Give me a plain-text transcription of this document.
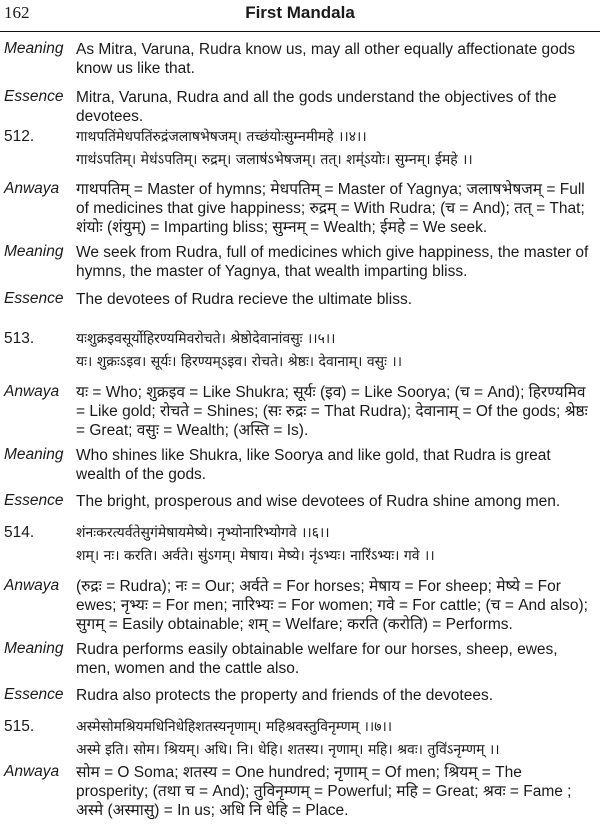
162	First Mandala
Meaning As Mitra, Varuna, Rudra know us, may all other equally affectionate gods know us like that.
Essence Mitra, Varuna, Rudra and all the gods understand the objectives of the devotees.
512.	गाथपतिंमेधपतिंरुद्रंजलाषभेषजम्। तच्छंयोःसुम्नमीमहे ।।४।।
गाथ॑ऽपतिम्। मेध॑ऽपतिम्। रुद्रम्। जलाष॑ऽभेषजम्। तत्। शम्॑ऽयोः। सुम्नम्। ईमहे ।।
Anwaya गाथपतिम् = Master of hymns; मेधपतिम् = Master of Yagnya; जलाषभेषजम् = Full of medicines that give happiness; रुद्रम् = With Rudra; (च = And); तत् = That; शंयोः (शंयुम्) = Imparting bliss; सुम्नम् = Wealth; ईमहे = We seek.
Meaning We seek from Rudra, full of medicines which give happiness, the master of hymns, the master of Yagnya, that wealth imparting bliss.
Essence The devotees of Rudra recieve the ultimate bliss.
513.	यःशुक्रइवसूर्योहिरण्यमिवरोचते। श्रेष्ठोदेवानांवसुः ।।५।।
यः। शुक्रःऽइव। सूर्यः। हिरण्यम्ऽइव। रोचते। श्रेष्ठः। देवानाम्। वसुः ।।
Anwaya यः = Who; शुक्रइव = Like Shukra; सूर्यः (इव) = Like Soorya; (च = And); हिरण्यमिव = Like gold; रोचते = Shines; (सः रुद्रः = That Rudra); देवानाम् = Of the gods; श्रेष्ठः = Great; वसुः = Wealth; (अस्ति = Is).
Meaning Who shines like Shukra, like Soorya and like gold, that Rudra is great wealth of the gods.
Essence The bright, prosperous and wise devotees of Rudra shine among men.
514.	शंनःकरत्यर्वतेसुगंमेषायमेष्ये। नृभ्योनारिभ्योगवे ।।६।।
शम्। नः। करति। अर्वते। सु॑ऽगम्। मेषाय। मेष्ये। नृ॑ऽभ्यः। नारि॑ऽभ्यः। गवे ।।
Anwaya (रुद्रः = Rudra); नः = Our; अर्वते = For horses; मेषाय = For sheep; मेष्ये = For ewes; नृभ्यः = For men; नारिभ्यः = For women; गवे = For cattle; (च = And also); सुगम् = Easily obtainable; शम् = Welfare; करति (करोति) = Performs.
Meaning Rudra performs easily obtainable welfare for our horses, sheep, ewes, men, women and the cattle also.
Essence Rudra also protects the property and friends of the devotees.
515.	अस्मेसोमश्रियमधिनिधेहिशतस्यनृणाम्। महिश्रवस्तुविनृम्णम् ।।७।।
अस्मे इति। सोम। श्रियम्। अधि। नि। धेहि। शतस्य। नृणाम्। महि। श्रवः। तुवि॑ऽनृम्णम् ।।
Anwaya सोम = O Soma; शतस्य = One hundred; नृणाम् = Of men; श्रियम् = The prosperity; (तथा च = And); तुविनृम्णम् = Powerful; महि = Great; श्रवः = Fame ; अस्मे (अस्मासु) = In us; अधि नि धेहि = Place.
